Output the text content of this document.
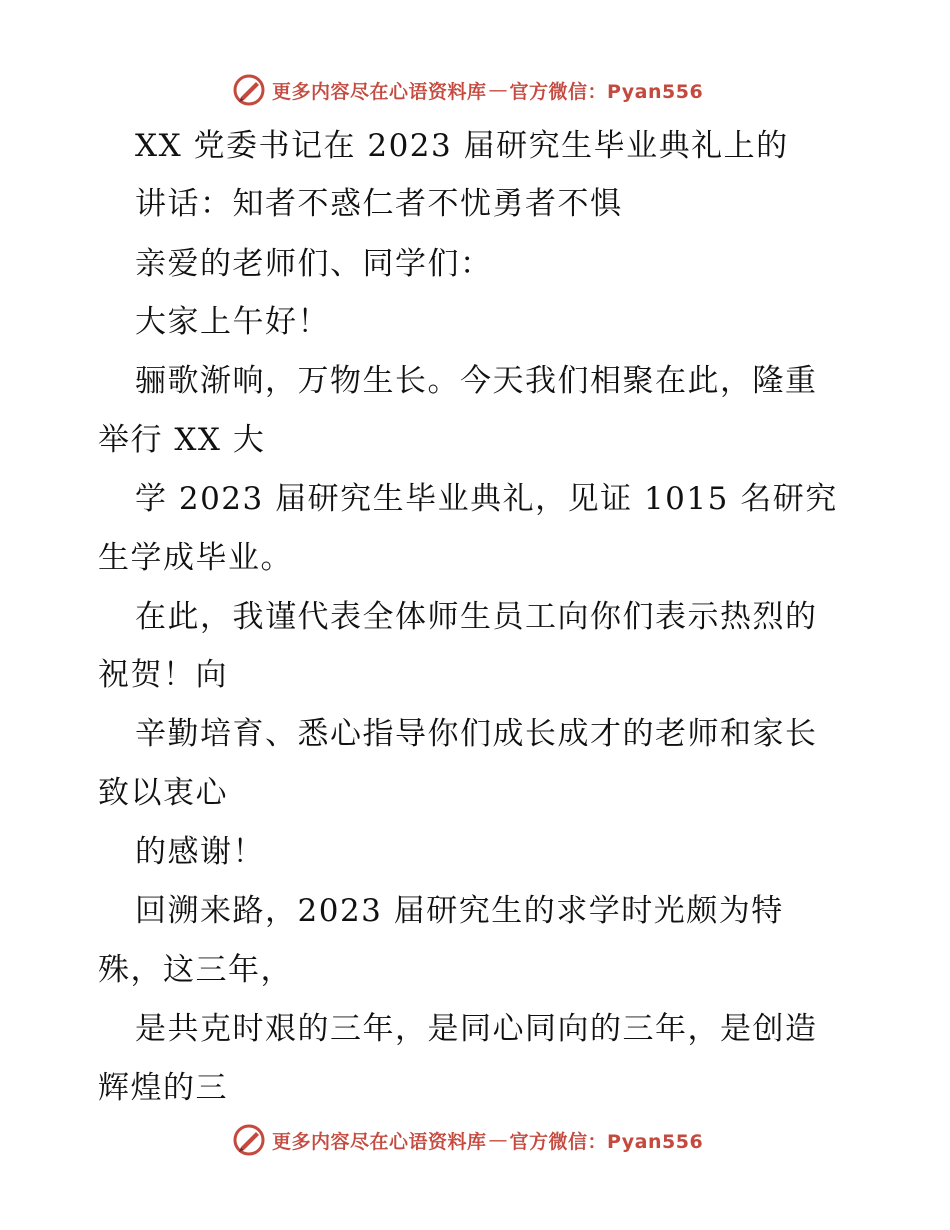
更多内容尽在心语资料库 — 官方微信：Pyan556
XX 党委书记在 2023 届研究生毕业典礼上的
讲话：知者不惑仁者不忧勇者不惧
亲爱的老师们、同学们：
大家上午好！
骊歌渐响，万物生长。今天我们相聚在此，隆重
举行 XX 大
学 2023 届研究生毕业典礼，见证 1015 名研究
生学成毕业。
在此，我谨代表全体师生员工向你们表示热烈的
祝贺！向
辛勤培育、悉心指导你们成长成才的老师和家长
致以衷心
的感谢！
回溯来路，2023 届研究生的求学时光颇为特
殊，这三年，
是共克时艰的三年，是同心同向的三年，是创造
辉煌的三
更多内容尽在心语资料库 — 官方微信：Pyan556
